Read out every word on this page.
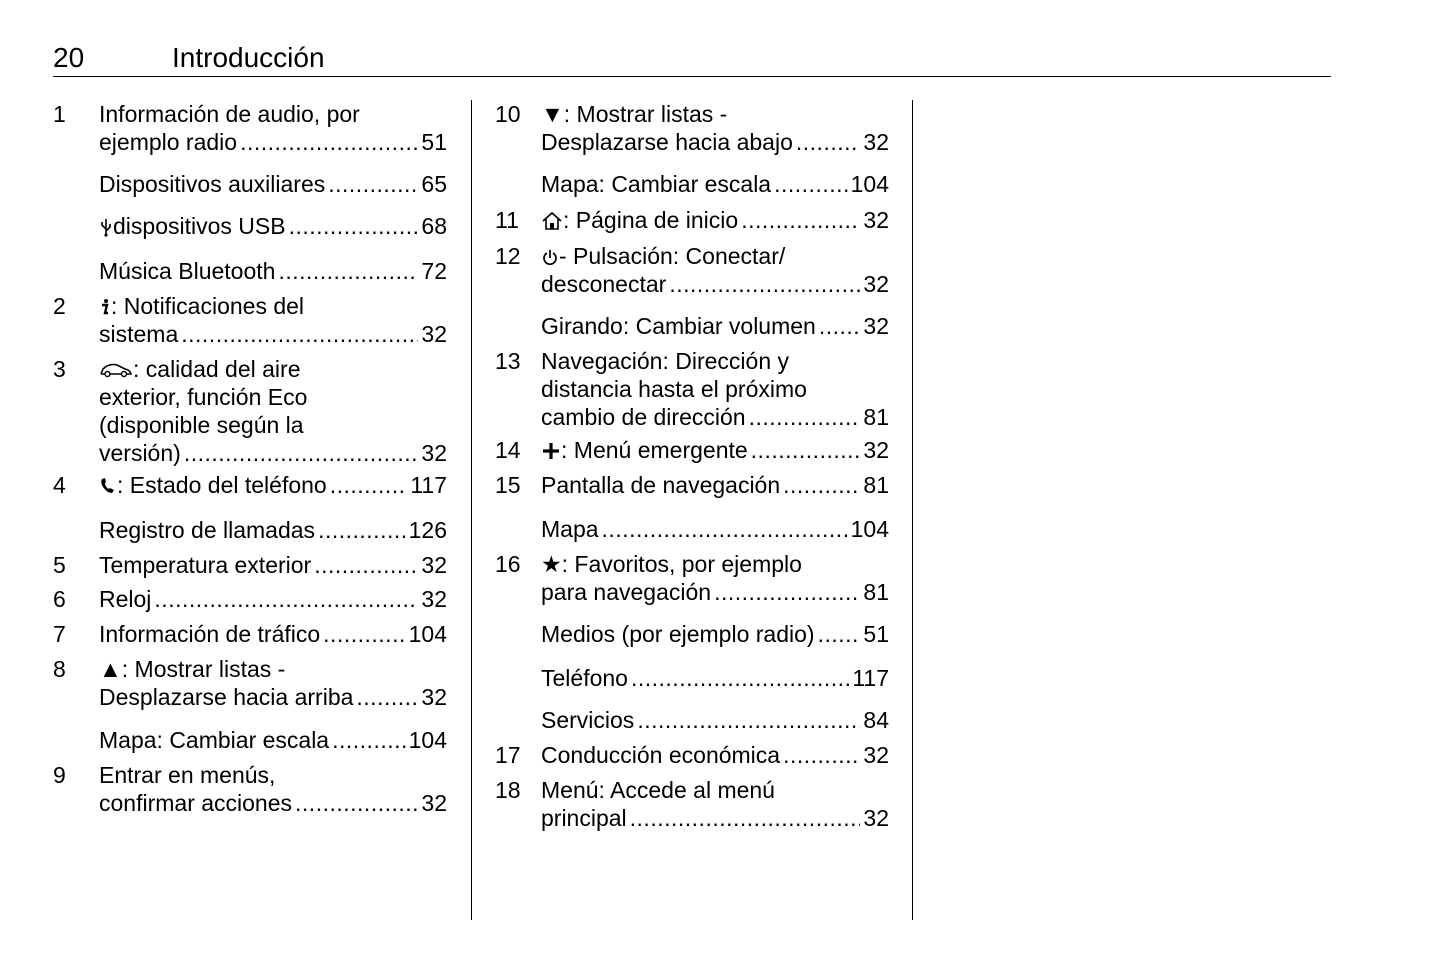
20	Introducción
1 Información de audio, por
ejemplo radio .....	51
Dispositivos auxiliares .....	65
dispositivos USB .....	68
Música Bluetooth .....	72
2 : Notificaciones del
sistema .....	32
3	: calidad del aire
exterior, función Eco
(disponible según la
versión) .....	32
4 : Estado del teléfono .....	117
Registro de llamadas .....	126
5 Temperatura exterior .....	32
6 Reloj .....	32
7 Información de tráfico .....	104
8 ▲: Mostrar listas -
Desplazarse hacia arriba .....	32
Mapa: Cambiar escala .....	104
9 Entrar en menús,
confirmar acciones .....	32
10 ▼: Mostrar listas -
Desplazarse hacia abajo .....	32
Mapa: Cambiar escala .....	104
11 : Página de inicio .....	32
12 - Pulsación: Conectar/
desconectar .....	32
Girando: Cambiar volumen ..... 32
13 Navegación: Dirección y
distancia hasta el próximo
cambio de dirección .....	81
14 : Menú emergente .....	32
15 Pantalla de navegación .....	81
Mapa .....	104
16 ★: Favoritos, por ejemplo
para navegación .....	81
Medios (por ejemplo radio) ..... 51
Teléfono .....	117
Servicios .....	84
17 Conducción económica .....	32
18 Menú: Accede al menú
principal .....	32
